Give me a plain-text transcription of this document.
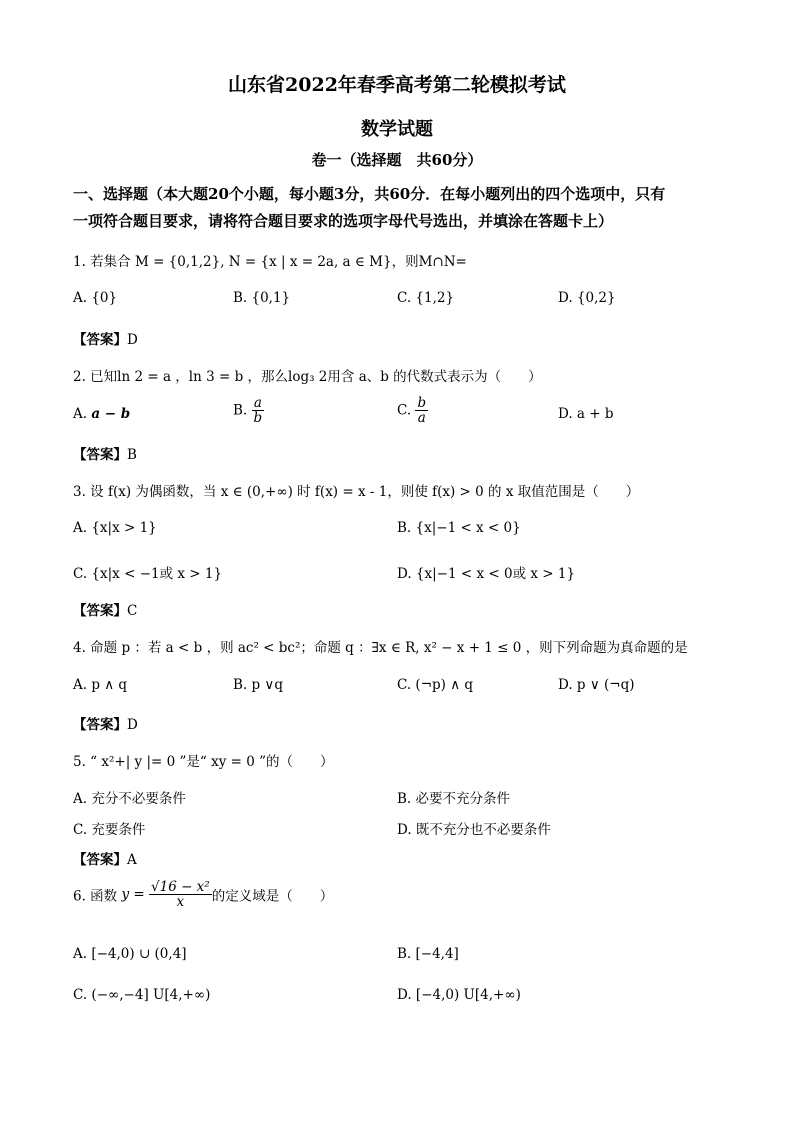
山东省2022年春季高考第二轮模拟考试
数学试题
卷一（选择题　共60分）
一、选择题（本大题20个小题，每小题3分，共60分．在每小题列出的四个选项中，只有
一项符合题目要求，请将符合题目要求的选项字母代号选出，并填涂在答题卡上）
1. 若集合 M = {0,1,2}, N = {x | x = 2a, a ∈ M}，则M∩N=
A. {0}	B. {0,1}	C. {1,2}	D. {0,2}
【答案】D
2. 已知ln 2 = a ，ln 3 = b ，那么log₃ 2用含 a、b 的代数式表示为（　　）
A. a − b	B. $\frac{a}{b}$	C. $\frac{b}{a}$	D. a + b
【答案】B
3. 设 f(x) 为偶函数，当 x ∈ (0,+∞) 时 f(x) = x - 1，则使 f(x) > 0 的 x 取值范围是（　　）
A. {x|x > 1}	B. {x|−1 < x < 0}
C. {x|x < −1或 x > 1}	D. {x|−1 < x < 0或 x > 1}
【答案】C
4. 命题 p ：若 a < b ，则 ac² < bc²；命题 q ：∃x ∈ R, x² − x + 1 ≤ 0 ，则下列命题为真命题的是
A. p ∧ q	B. p ∨q	C. (¬p) ∧ q	D. p ∨ (¬q)
【答案】D
5. “ x²+| y |= 0 ”是“ xy = 0 ”的（　　）
A. 充分不必要条件	B. 必要不充分条件
C. 充要条件	D. 既不充分也不必要条件
【答案】A
6. 函数 $y = \frac{\text{√16 − x²}}{x}$ 的定义域是（　　）
A. [−4,0) ∪ (0,4]	B. [−4,4]
C. (−∞,−4] U[4,+∞)	D. [−4,0) U[4,+∞)
